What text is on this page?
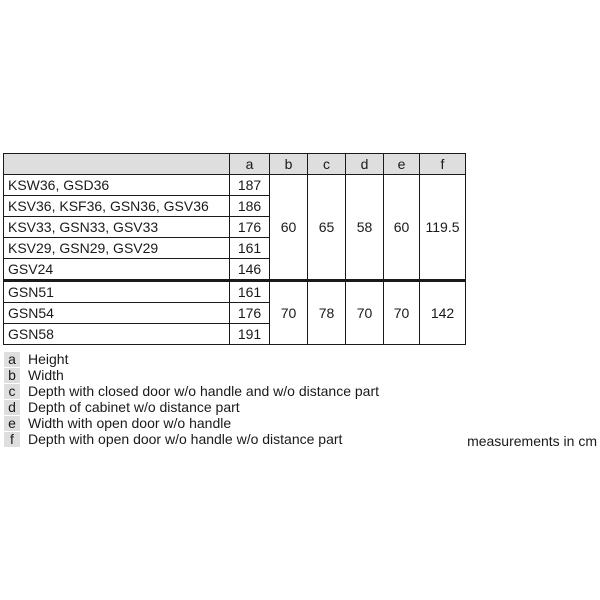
	a	b	c	d	e	f
KSW36, GSD36	187	60	65	58	60	119.5
KSV36, KSF36, GSN36, GSV36	186					
KSV33, GSN33, GSV33	176					
KSV29, GSN29, GSV29	161					
GSV24	146					
GSN51	161	70	78	70	70	142
GSN54	176					
GSN58	191					
a Height
b Width
c Depth with closed door w/o handle and w/o distance part
d Depth of cabinet w/o distance part
e Width with open door w/o handle
f	Depth with open door w/o handle w/o distance part	measurements in cm
